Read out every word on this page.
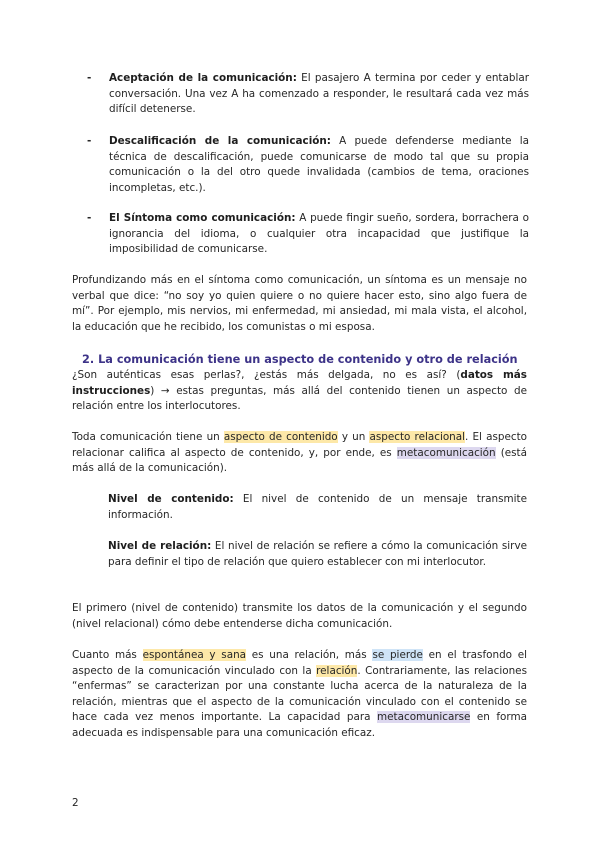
- Aceptación de la comunicación: El pasajero A termina por ceder y entablar conversación. Una vez A ha comenzado a responder, le resultará cada vez más difícil detenerse.
- Descalificación de la comunicación: A puede defenderse mediante la técnica de descalificación, puede comunicarse de modo tal que su propia comunicación o la del otro quede invalidada (cambios de tema, oraciones incompletas, etc.).
- El Síntoma como comunicación: A puede fingir sueño, sordera, borrachera o ignorancia del idioma, o cualquier otra incapacidad que justifique la imposibilidad de comunicarse.
Profundizando más en el síntoma como comunicación, un síntoma es un mensaje no verbal que dice: “no soy yo quien quiere o no quiere hacer esto, sino algo fuera de mí”. Por ejemplo, mis nervios, mi enfermedad, mi ansiedad, mi mala vista, el alcohol, la educación que he recibido, los comunistas o mi esposa.
2. La comunicación tiene un aspecto de contenido y otro de relación
¿Son auténticas esas perlas?, ¿estás más delgada, no es así? (datos más instrucciones) → estas preguntas, más allá del contenido tienen un aspecto de relación entre los interlocutores.
Toda comunicación tiene un aspecto de contenido y un aspecto relacional. El aspecto relacionar califica al aspecto de contenido, y, por ende, es metacomunicación (está más allá de la comunicación).
Nivel de contenido: El nivel de contenido de un mensaje transmite información.
Nivel de relación: El nivel de relación se refiere a cómo la comunicación sirve para definir el tipo de relación que quiero establecer con mi interlocutor.
El primero (nivel de contenido) transmite los datos de la comunicación y el segundo (nivel relacional) cómo debe entenderse dicha comunicación.
Cuanto más espontánea y sana es una relación, más se pierde en el trasfondo el aspecto de la comunicación vinculado con la relación. Contrariamente, las relaciones “enfermas” se caracterizan por una constante lucha acerca de la naturaleza de la relación, mientras que el aspecto de la comunicación vinculado con el contenido se hace cada vez menos importante. La capacidad para metacomunicarse en forma adecuada es indispensable para una comunicación eficaz.
2
